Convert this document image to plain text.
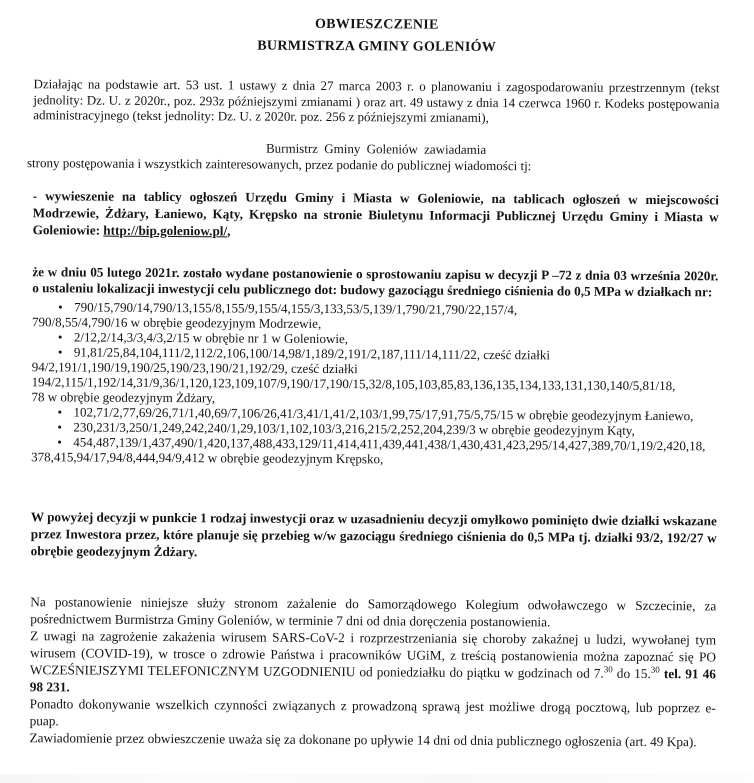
OBWIESZCZENIE
BURMISTRZA GMINY GOLENIÓW
Działając na podstawie art. 53 ust. 1 ustawy z dnia 27 marca 2003 r. o planowaniu i zagospodarowaniu przestrzennym (tekst jednolity: Dz. U. z 2020r., poz. 293z późniejszymi zmianami ) oraz art. 49 ustawy z dnia 14 czerwca 1960 r. Kodeks postępowania administracyjnego (tekst jednolity: Dz. U. z 2020r. poz. 256 z późniejszymi zmianami),
Burmistrz Gminy Goleniów zawiadamia
strony postępowania i wszystkich zainteresowanych, przez podanie do publicznej wiadomości tj:
- wywieszenie na tablicy ogłoszeń Urzędu Gminy i Miasta w Goleniowie, na tablicach ogłoszeń w miejscowości Modrzewie, Żdżary, Łaniewo, Kąty, Krępsko na stronie Biuletynu Informacji Publicznej Urzędu Gminy i Miasta w Goleniowie: http://bip.goleniow.pl/,
że w dniu 05 lutego 2021r. zostało wydane postanowienie o sprostowaniu zapisu w decyzji P –72 z dnia 03 września 2020r. o ustaleniu lokalizacji inwestycji celu publicznego dot: budowy gazociągu średniego ciśnienia do 0,5 MPa w działkach nr:
• 790/15,790/14,790/13,155/8,155/9,155/4,155/3,133,53/5,139/1,790/21,790/22,157/4,
790/8,55/4,790/16 w obrębie geodezyjnym Modrzewie,
• 2/12,2/14,3/3,4/3,2/15 w obrębie nr 1 w Goleniowie,
• 91,81/25,84,104,111/2,112/2,106,100/14,98/1,189/2,191/2,187,111/14,111/22, cześć działki
94/2,191/1,190/19,190/25,190/23,190/21,192/29, cześć działki
194/2,115/1,192/14,31/9,36/1,120,123,109,107/9,190/17,190/15,32/8,105,103,85,83,136,135,134,133,131,130,140/5,81/18,
78 w obrębie geodezyjnym Żdżary,
• 102,71/2,77,69/26,71/1,40,69/7,106/26,41/3,41/1,41/2,103/1,99,75/17,91,75/5,75/15 w obrębie geodezyjnym Łaniewo,
• 230,231/3,250/1,249,242,240/1,29,103/1,102,103/3,216,215/2,252,204,239/3 w obrębie geodezyjnym Kąty,
• 454,487,139/1,437,490/1,420,137,488,433,129/11,414,411,439,441,438/1,430,431,423,295/14,427,389,70/1,19/2,420,18,
378,415,94/17,94/8,444,94/9,412 w obrębie geodezyjnym Krępsko,
W powyżej decyzji w punkcie 1 rodzaj inwestycji oraz w uzasadnieniu decyzji omyłkowo pominięto dwie działki wskazane przez Inwestora przez, które planuje się przebieg w/w gazociągu średniego ciśnienia do 0,5 MPa tj. działki 93/2, 192/27 w obrębie geodezyjnym Żdżary.

Na postanowienie niniejsze służy stronom zażalenie do Samorządowego Kolegium odwoławczego w Szczecinie, za pośrednictwem Burmistrza Gminy Goleniów, w terminie 7 dni od dnia doręczenia postanowienia.

Z uwagi na zagrożenie zakażenia wirusem SARS-CoV-2 i rozprzestrzeniania się choroby zakaźnej u ludzi, wywołanej tym wirusem (COVID-19), w trosce o zdrowie Państwa i pracowników UGiM, z treścią postanowienia można zapoznać się PO WCZEŚNIEJSZYMI TELEFONICZNYM UZGODNIENIU od poniedziałku do piątku w godzinach od 7.30 do 15.30 tel. 91 46 98 231.

Ponadto dokonywanie wszelkich czynności związanych z prowadzoną sprawą jest możliwe drogą pocztową, lub poprzez e-puap.

Zawiadomienie przez obwieszczenie uważa się za dokonane po upływie 14 dni od dnia publicznego ogłoszenia (art. 49 Kpa).
